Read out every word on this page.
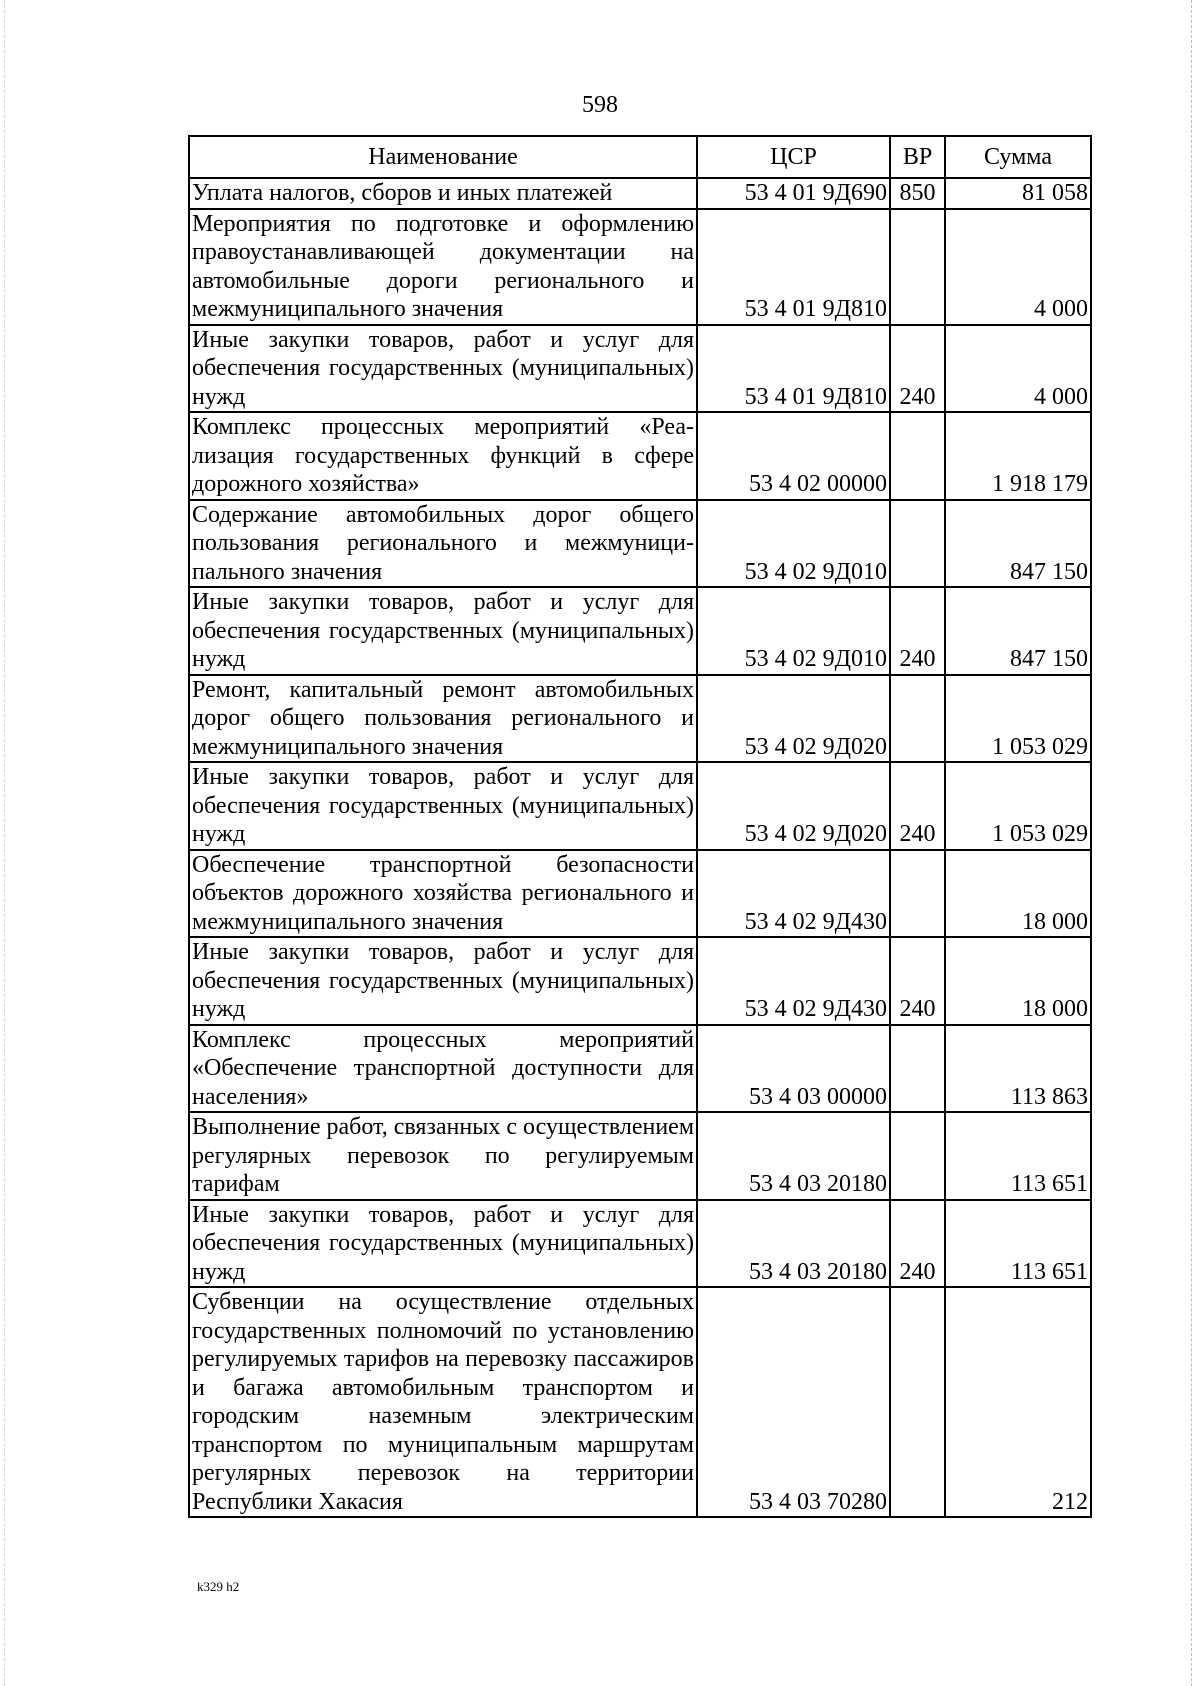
598
Наименование	ЦСР	ВР	Сумма
Уплата налогов, сборов и иных платежей	53 4 01 9Д690	850	81 058
Мероприятия по подготовке и оформлению правоустанавливающей документации на автомобильные дороги регионального и межмуниципального значения	53 4 01 9Д810		4 000
Иные закупки товаров, работ и услуг для обеспечения государственных (муниципальных) нужд	53 4 01 9Д810	240	4 000
Комплекс процессных мероприятий «Реализация государственных функций в сфере дорожного хозяйства»	53 4 02 00000		1 918 179
Содержание автомобильных дорог общего пользования регионального и межмуниципального значения	53 4 02 9Д010		847 150
Иные закупки товаров, работ и услуг для обеспечения государственных (муниципальных) нужд	53 4 02 9Д010	240	847 150
Ремонт, капитальный ремонт автомобильных дорог общего пользования регионального и межмуниципального значения	53 4 02 9Д020		1 053 029
Иные закупки товаров, работ и услуг для обеспечения государственных (муниципальных) нужд	53 4 02 9Д020	240	1 053 029
Обеспечение транспортной безопасности объектов дорожного хозяйства регионального и межмуниципального значения	53 4 02 9Д430		18 000
Иные закупки товаров, работ и услуг для обеспечения государственных (муниципальных) нужд	53 4 02 9Д430	240	18 000
Комплекс процессных мероприятий «Обеспечение транспортной доступности для населения»	53 4 03 00000		113 863
Выполнение работ, связанных с осуществлением регулярных перевозок по регулируемым тарифам	53 4 03 20180		113 651
Иные закупки товаров, работ и услуг для обеспечения государственных (муниципальных) нужд	53 4 03 20180	240	113 651
Субвенции на осуществление отдельных государственных полномочий по установлению регулируемых тарифов на перевозку пассажиров и багажа автомобильным транспортом и городским наземным электрическим транспортом по муниципальным маршрутам регулярных перевозок на территории Республики Хакасия	53 4 03 70280		212
k329 h2
